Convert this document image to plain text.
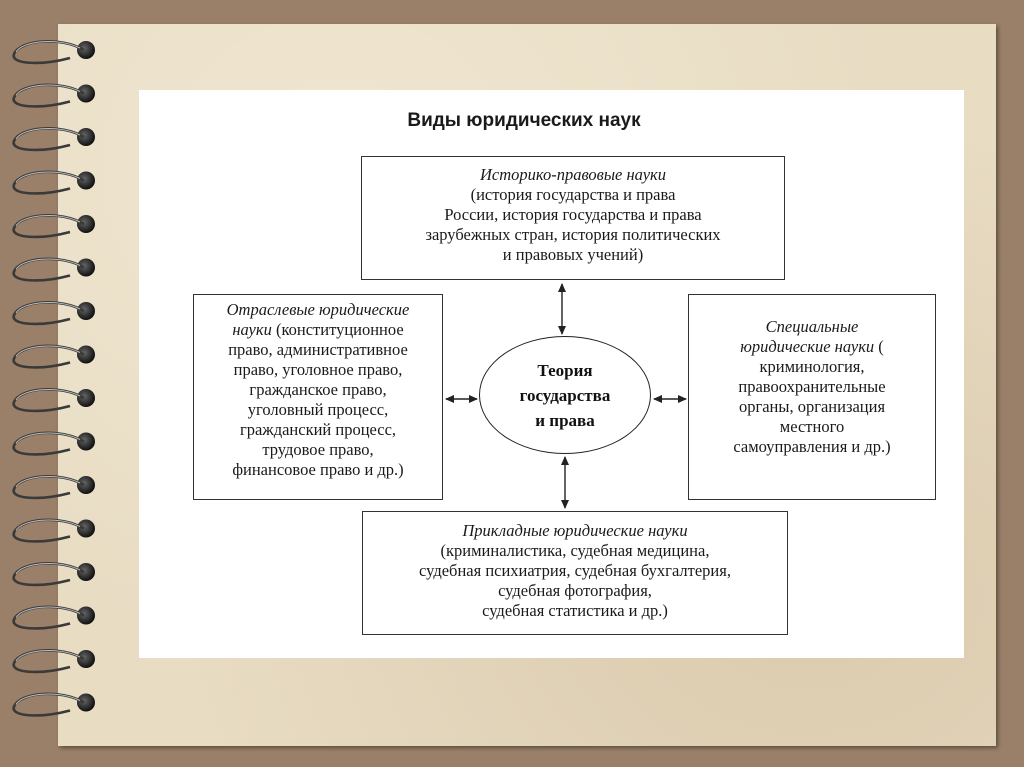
Виды юридических наук
Историко-правовые науки
(история государства и права
России, история государства и права
зарубежных стран, история политических
и правовых учений)
Отраслевые юридические
науки (конституционное
право, административное
право, уголовное право,
гражданское право,
уголовный процесс,
гражданский процесс,
трудовое право,
финансовое право и др.)
Специальные
юридические науки (
криминология,
правоохранительные
органы, организация
местного
самоуправления и др.)
Прикладные юридические науки
(криминалистика, судебная медицина,
судебная психиатрия, судебная бухгалтерия,
судебная фотография,
судебная статистика и др.)
Теория
государства
и права
